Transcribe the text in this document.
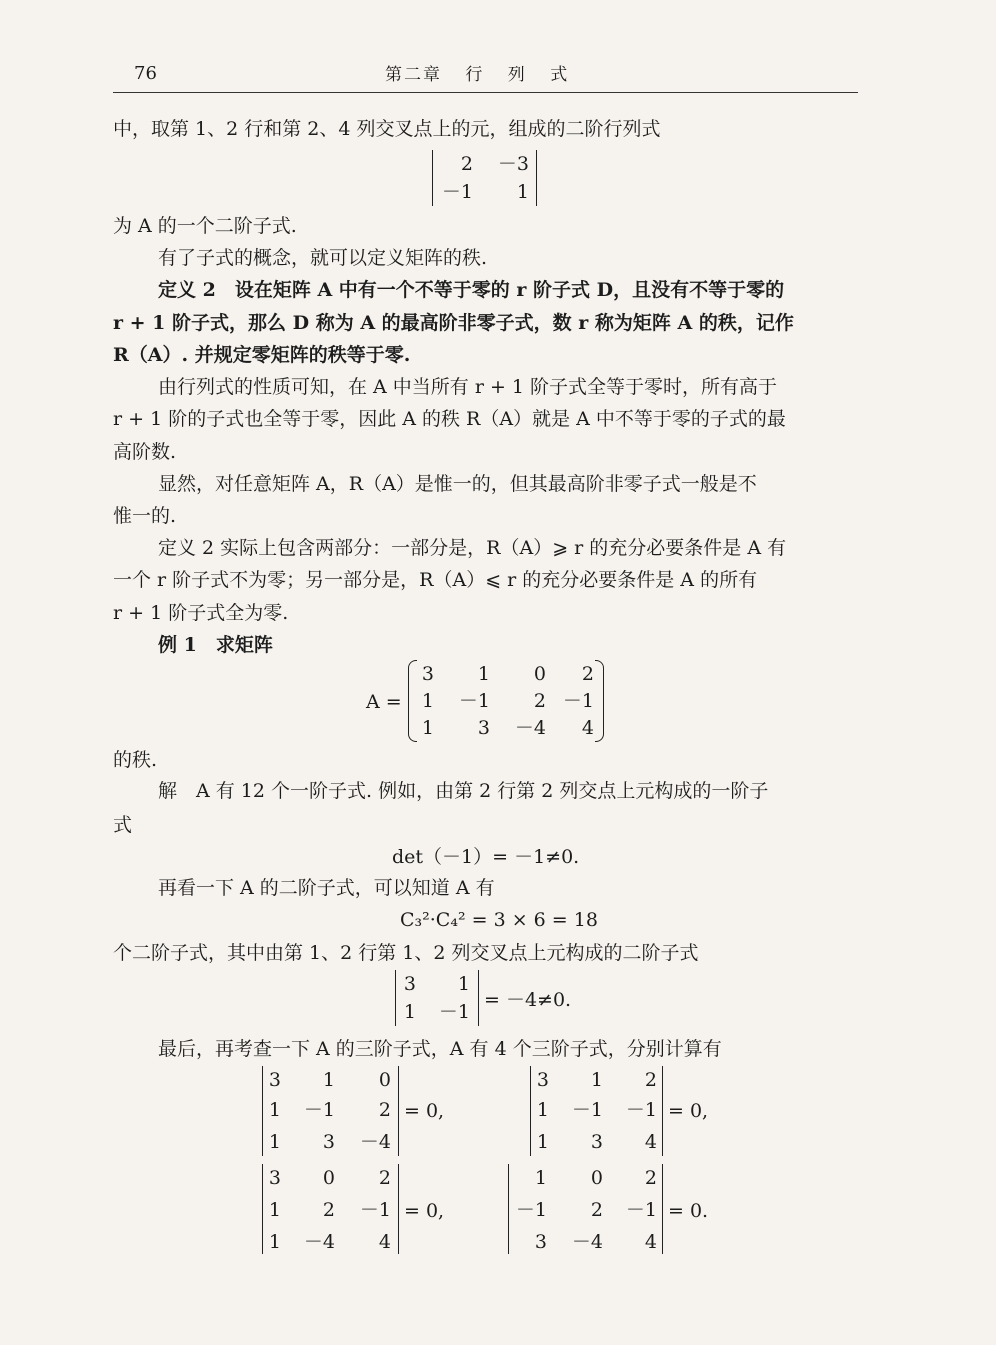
76	第二章 行 列 式
中，取第 1、2 行和第 2、4 列交叉点上的元，组成的二阶行列式
2 －3
－1	1
为 A 的一个二阶子式.
有了子式的概念，就可以定义矩阵的秩.
定义 2　设在矩阵 A 中有一个不等于零的 r 阶子式 D，且没有不等于零的
r + 1 阶子式，那么 D 称为 A 的最高阶非零子式，数 r 称为矩阵 A 的秩，记作
R（A）. 并规定零矩阵的秩等于零.
由行列式的性质可知，在 A 中当所有 r + 1 阶子式全等于零时，所有高于
r + 1 阶的子式也全等于零，因此 A 的秩 R（A）就是 A 中不等于零的子式的最
高阶数.
显然，对任意矩阵 A，R（A）是惟一的，但其最高阶非零子式一般是不
惟一的.
定义 2 实际上包含两部分：一部分是，R（A）⩾ r 的充分必要条件是 A 有
一个 r 阶子式不为零；另一部分是，R（A）⩽ r 的充分必要条件是 A 的所有
r + 1 阶子式全为零.
例 1　求矩阵
A =
3	1	0	2
1 －1	2 －1
1	3 －4	4
的秩.
解　A 有 12 个一阶子式. 例如，由第 2 行第 2 列交点上元构成的一阶子
式
det（－1）= －1≠0.
再看一下 A 的二阶子式，可以知道 A 有
C₃²·C₄² = 3 × 6 = 18
个二阶子式，其中由第 1、2 行第 1、2 列交叉点上元构成的二阶子式
3	1
1 －1
= －4≠0.
最后，再考查一下 A 的三阶子式，A 有 4 个三阶子式，分别计算有
3	1	0
1 －1	2
1	3 －4
= 0,
3	1	2
1 －1 －1
1	3	4
= 0,
3	0	2
1	2 －1
1 －4	4
= 0,
1	0	2
－1	2 －1
3 －4	4
= 0.
